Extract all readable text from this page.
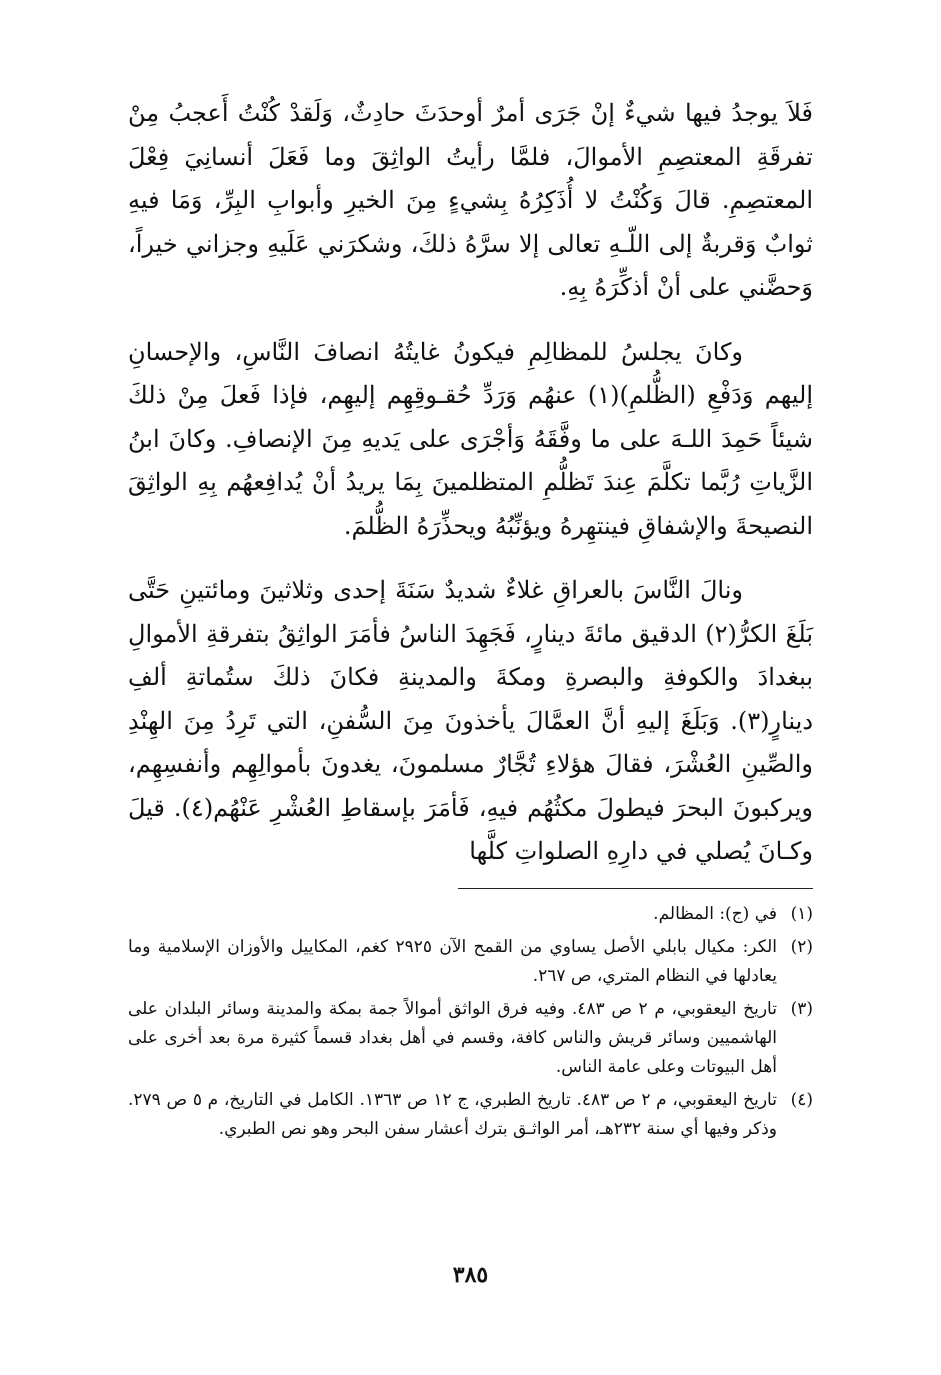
فَلاَ يوجدُ فيها شيءٌ إنْ جَرَى أمرٌ أوحدَثَ حادِثٌ، وَلَقدْ كُنْتُ أَعجبُ مِنْ تفرقَةِ المعتصِمِ الأموالَ، فلمَّا رأيتُ الواثِقَ وما فَعَلَ أنسانِيَ فِعْلَ المعتصِمِ. قالَ وَكُنْتُ لا أُذَكِرُهُ بِشيءٍ مِنَ الخيرِ وأبوابِ البِرِّ، وَمَا فيهِ ثوابٌ وَقربةٌ إلى اللّـهِ تعالى إلا سرَّهُ ذلكَ، وشكرَني عَلَيهِ وجزاني خيراً، وَحضَّني على أنْ أذكِّرَهُ بِهِ.

وكانَ يجلسُ للمظالِمِ فيكونُ غايتُهُ انصافَ النَّاسِ، والإحسانِ إليهم وَدَفْعِ (الظُّلمِ)(١) عنهُم وَرَدِّ حُقـوقِهِم إليهِم، فإذا فَعلَ مِنْ ذلكَ شيئاً حَمِدَ اللـهَ على ما وفَّقَهُ وَأجْرَى على يَديهِ مِنَ الإنصافِ. وكانَ ابنُ الزَّياتِ رُبَّما تكلَّمَ عِندَ تَظلُّمِ المتظلمينَ بِمَا يريدُ أنْ يُدافِعهُم بِهِ الواثِقَ النصيحةَ والإشفاقِ فينتهِرهُ ويؤنِّبُهُ ويحذِّرَهُ الظُّلمَ.

ونالَ النَّاسَ بالعراقِ غلاءٌ شديدٌ سَنَةَ إحدى وثلاثينَ ومائتينِ حَتَّى بَلَغَ الكرُّ(٢) الدقيق مائةَ دينارٍ، فَجَهِدَ الناسُ فأمَرَ الواثِقُ بتفرقةِ الأموالِ ببغدادَ والكوفةِ والبصرةِ ومكةَ والمدينةِ فكانَ ذلكَ ستُماتةِ ألفِ دينارٍ(٣). وَبَلَغَ إليهِ أنَّ العمَّالَ يأخذونَ مِنَ السُّفنِ، التي تَرِدُ مِنَ الهِنْدِ والصِّينِ العُشْرَ، فقالَ هؤلاءِ تُجَّارٌ مسلمونَ، يغدونَ بأموالِهِم وأنفسِهِم، ويركبونَ البحرَ فيطولَ مكثُهُم فيهِ، فَأمَرَ بإسقاطِ العُشْرِ عَنْهُم(٤). قيلَ وكـانَ يُصلي في دارِهِ الصلواتِ كلَّها

(١)
في (ج): المظالم.
(٢)
الكر: مكيال بابلي الأصل يساوي من القمح الآن ٢٩٢٥ كغم، المكاييل والأوزان الإسلامية وما يعادلها في النظام المتري، ص ٢٦٧.
(٣)
تاريخ اليعقوبي، م ٢ ص ٤٨٣. وفيه فرق الواثق أموالاً جمة بمكة والمدينة وسائر البلدان على الهاشميين وسائر قريش والناس كافة، وقسم في أهل بغداد قسماً كثيرة مرة بعد أخرى على أهل البيوتات وعلى عامة الناس.
(٤)
تاريخ اليعقوبي، م ٢ ص ٤٨٣. تاريخ الطبري، ج ١٢ ص ١٣٦٣. الكامل في التاريخ، م ٥ ص ٢٧٩. وذكر وفيها أي سنة ٢٣٢هـ، أمر الواثـق بترك أعشار سفن البحر وهو نص الطبري.
٣٨٥
